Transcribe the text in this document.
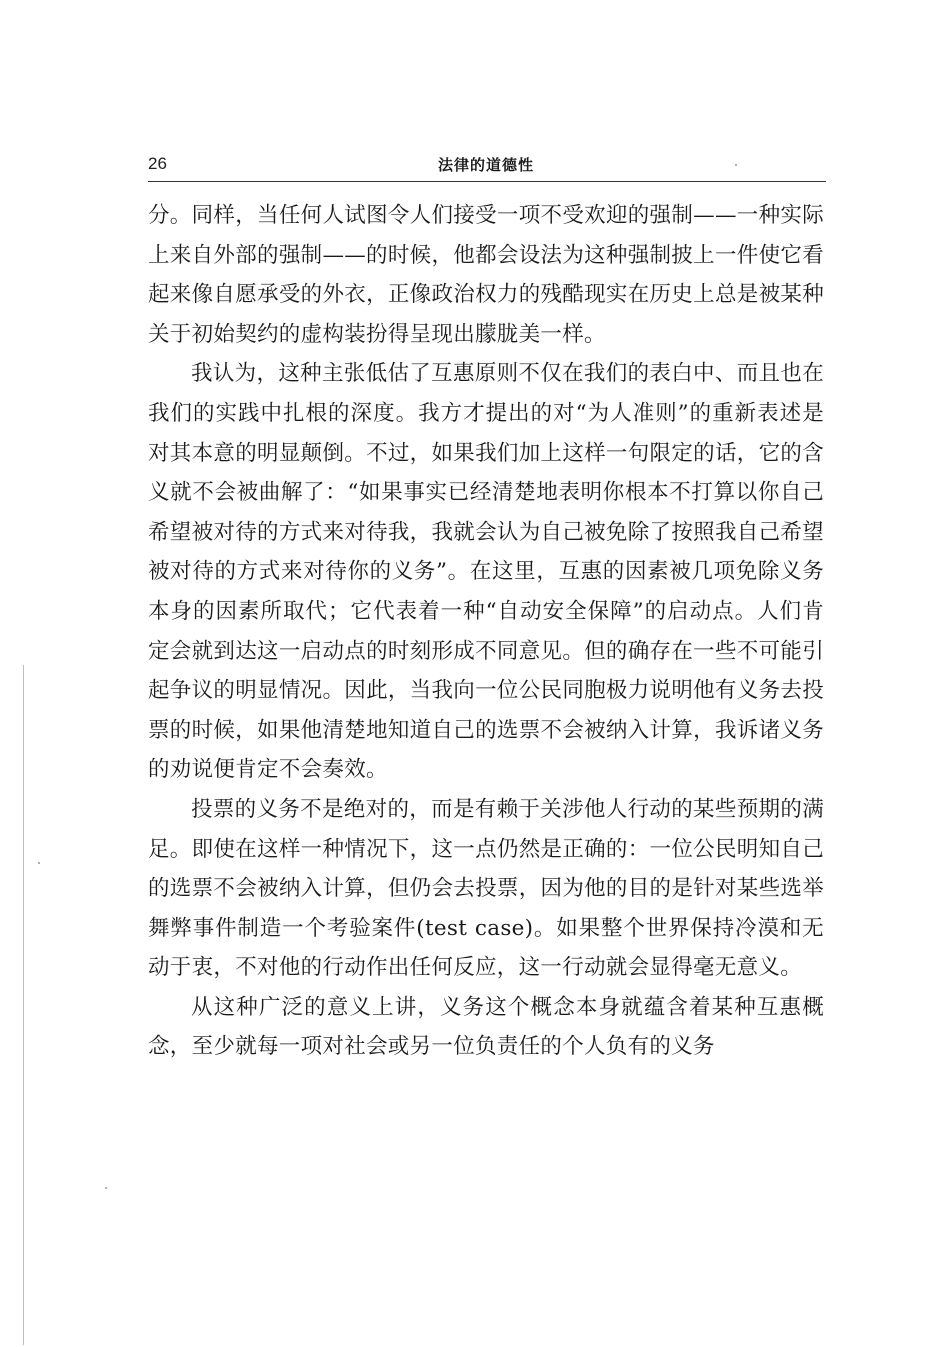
26	法律的道德性

分。同样，当任何人试图令人们接受一项不受欢迎的强制——一种实际上来自外部的强制——的时候，他都会设法为这种强制披上一件使它看起来像自愿承受的外衣，正像政治权力的残酷现实在历史上总是被某种关于初始契约的虚构装扮得呈现出朦胧美一样。

我认为，这种主张低估了互惠原则不仅在我们的表白中、而且也在我们的实践中扎根的深度。我方才提出的对“为人准则”的重新表述是对其本意的明显颠倒。不过，如果我们加上这样一句限定的话，它的含义就不会被曲解了：“如果事实已经清楚地表明你根本不打算以你自己希望被对待的方式来对待我，我就会认为自己被免除了按照我自己希望被对待的方式来对待你的义务”。在这里，互惠的因素被几项免除义务本身的因素所取代；它代表着一种“自动安全保障”的启动点。人们肯定会就到达这一启动点的时刻形成不同意见。但的确存在一些不可能引起争议的明显情况。因此，当我向一位公民同胞极力说明他有义务去投票的时候，如果他清楚地知道自己的选票不会被纳入计算，我诉诸义务的劝说便肯定不会奏效。

投票的义务不是绝对的，而是有赖于关涉他人行动的某些预期的满足。即使在这样一种情况下，这一点仍然是正确的：一位公民明知自己的选票不会被纳入计算，但仍会去投票，因为他的目的是针对某些选举舞弊事件制造一个考验案件(test case)。如果整个世界保持冷漠和无动于衷，不对他的行动作出任何反应，这一行动就会显得毫无意义。

从这种广泛的意义上讲，义务这个概念本身就蕴含着某种互惠概念，至少就每一项对社会或另一位负责任的个人负有的义务
